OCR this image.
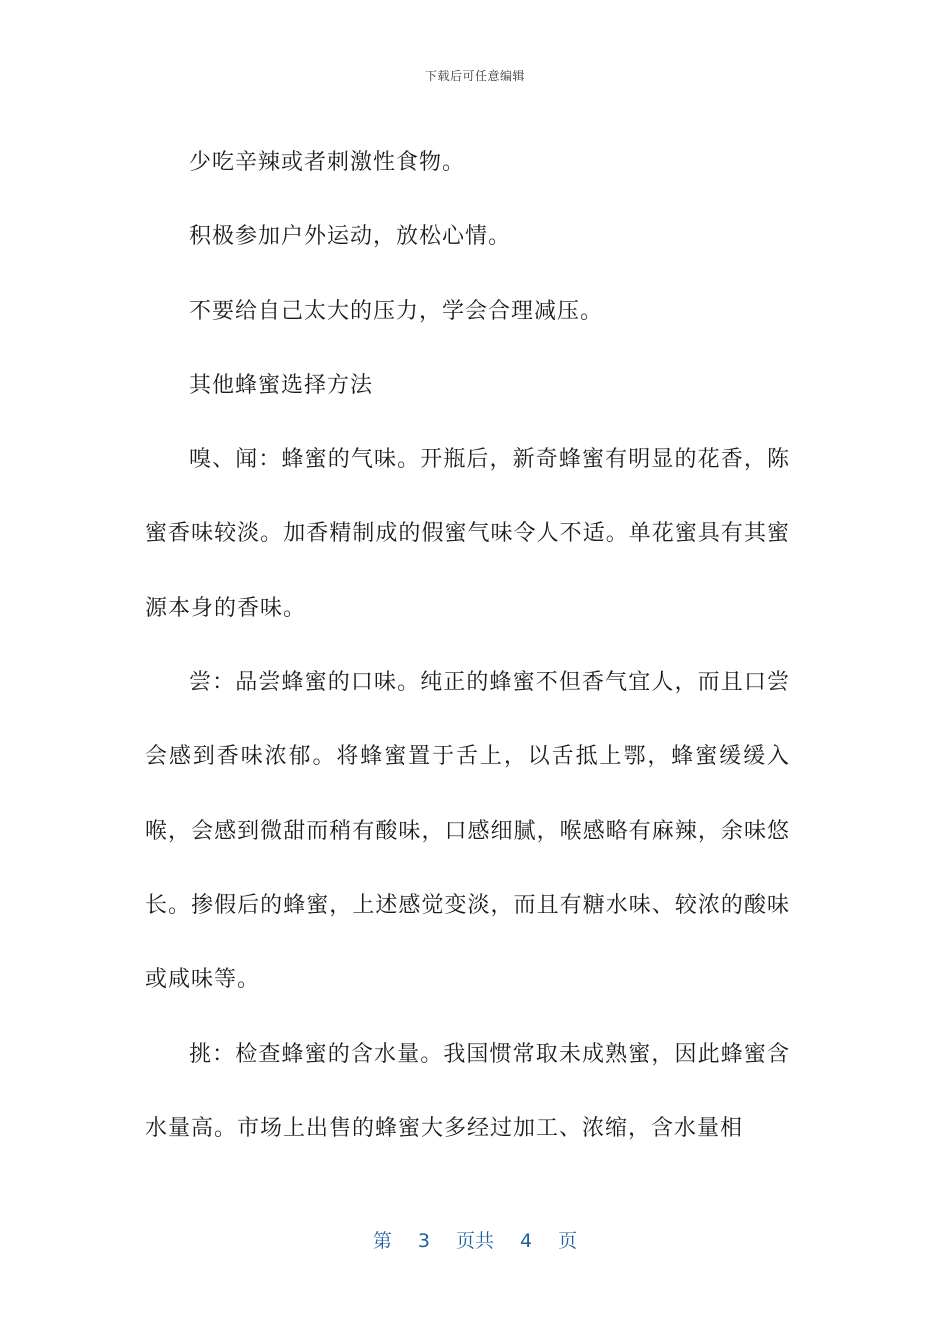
下载后可任意编辑

少吃辛辣或者刺激性食物。

积极参加户外运动，放松心情。

不要给自己太大的压力，学会合理减压。

其他蜂蜜选择方法

嗅、闻：蜂蜜的气味。开瓶后，新奇蜂蜜有明显的花香，陈蜜香味较淡。加香精制成的假蜜气味令人不适。单花蜜具有其蜜源本身的香味。

尝：品尝蜂蜜的口味。纯正的蜂蜜不但香气宜人，而且口尝会感到香味浓郁。将蜂蜜置于舌上，以舌抵上鄂，蜂蜜缓缓入喉，会感到微甜而稍有酸味，口感细腻，喉感略有麻辣，余味悠长。掺假后的蜂蜜，上述感觉变淡，而且有糖水味、较浓的酸味或咸味等。

挑：检查蜂蜜的含水量。我国惯常取未成熟蜜，因此蜂蜜含水量高。市场上出售的蜂蜜大多经过加工、浓缩，含水量相

第 3 页共 4 页
